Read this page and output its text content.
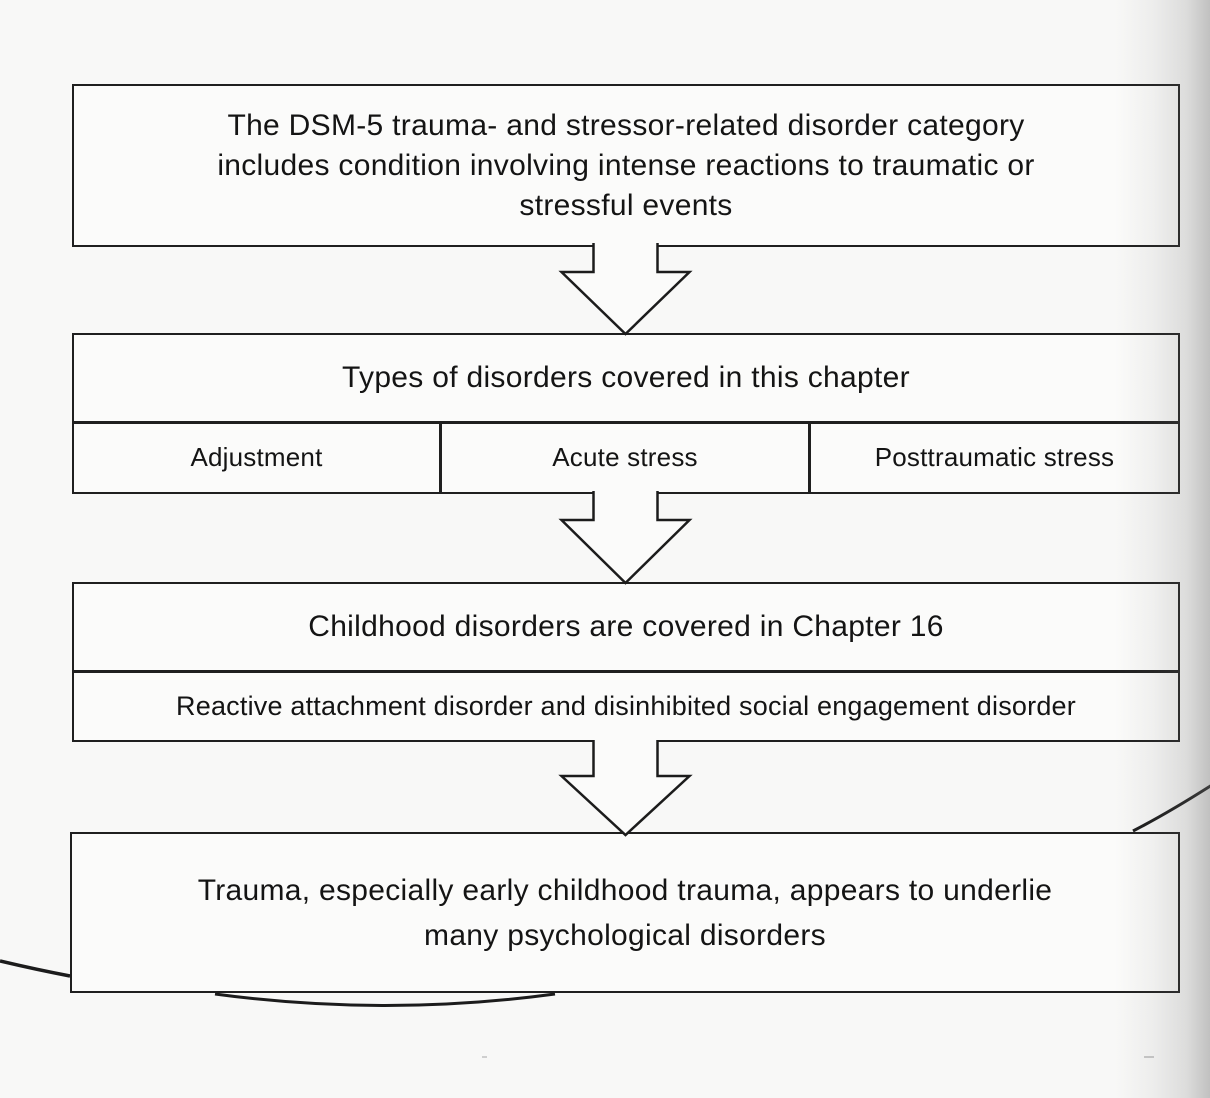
The DSM-5 trauma- and stressor-related disorder category
includes condition involving intense reactions to traumatic or
stressful events
Types of disorders covered in this chapter
Adjustment	Acute stress	Posttraumatic stress
Childhood disorders are covered in Chapter 16
Reactive attachment disorder and disinhibited social engagement disorder
Trauma, especially early childhood trauma, appears to underlie
many psychological disorders
